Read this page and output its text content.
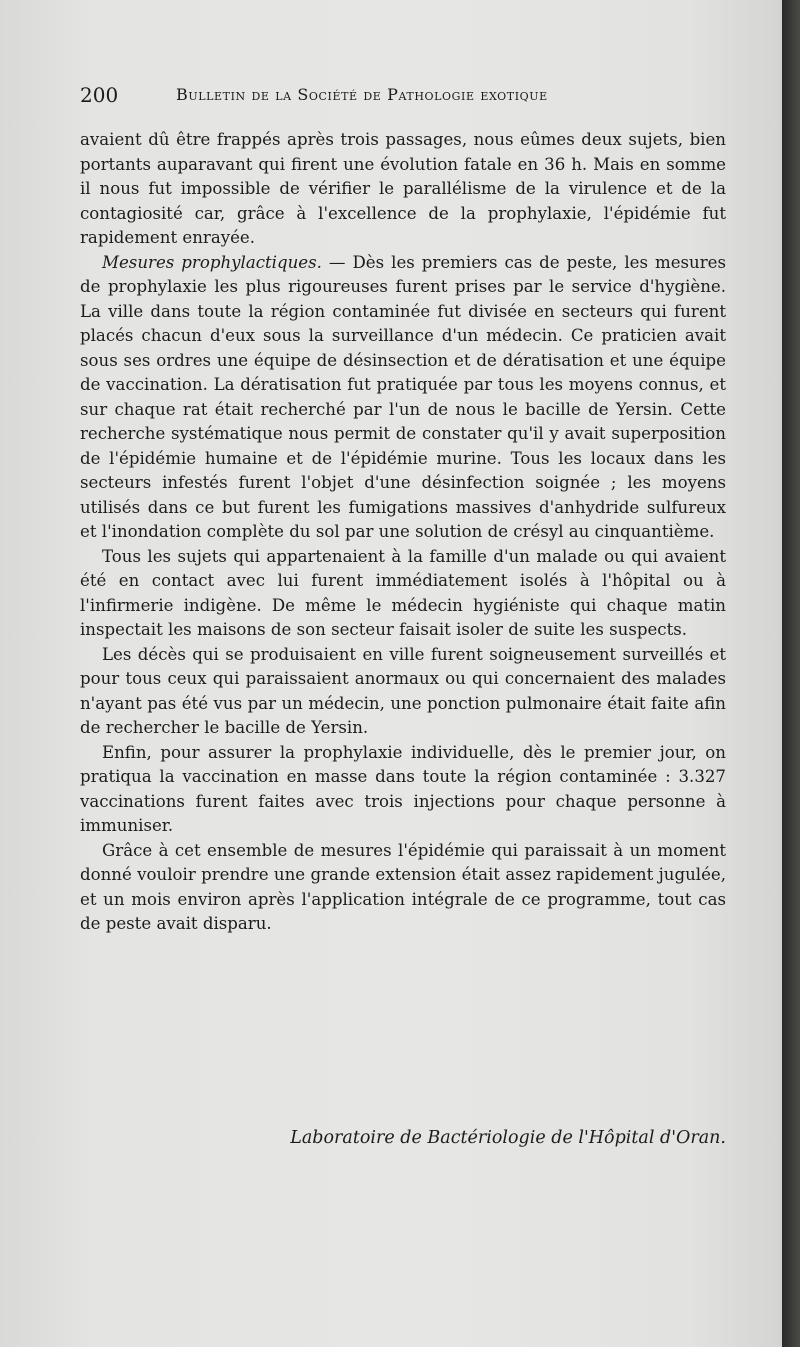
200	Bulletin de la Société de Pathologie exotique

avaient dû être frappés après trois passages, nous eûmes deux sujets, bien portants auparavant qui firent une évolution fatale en 36 h. Mais en somme il nous fut impossible de vérifier le parallélisme de la virulence et de la contagiosité car, grâce à l'excellence de la prophylaxie, l'épidémie fut rapidement enrayée.

Mesures prophylactiques. — Dès les premiers cas de peste, les mesures de prophylaxie les plus rigoureuses furent prises par le service d'hygiène. La ville dans toute la région contaminée fut divisée en secteurs qui furent placés chacun d'eux sous la surveillance d'un médecin. Ce praticien avait sous ses ordres une équipe de désinsection et de dératisation et une équipe de vaccination. La dératisation fut pratiquée par tous les moyens connus, et sur chaque rat était recherché par l'un de nous le bacille de Yersin. Cette recherche systématique nous permit de constater qu'il y avait superposition de l'épidémie humaine et de l'épidémie murine. Tous les locaux dans les secteurs infestés furent l'objet d'une désinfection soignée ; les moyens utilisés dans ce but furent les fumigations massives d'anhydride sulfureux et l'inondation complète du sol par une solution de crésyl au cinquantième.

Tous les sujets qui appartenaient à la famille d'un malade ou qui avaient été en contact avec lui furent immédiatement isolés à l'hôpital ou à l'infirmerie indigène. De même le médecin hygiéniste qui chaque matin inspectait les maisons de son secteur faisait isoler de suite les suspects.

Les décès qui se produisaient en ville furent soigneusement surveillés et pour tous ceux qui paraissaient anormaux ou qui concernaient des malades n'ayant pas été vus par un médecin, une ponction pulmonaire était faite afin de rechercher le bacille de Yersin.

Enfin, pour assurer la prophylaxie individuelle, dès le premier jour, on pratiqua la vaccination en masse dans toute la région contaminée : 3.327 vaccinations furent faites avec trois injections pour chaque personne à immuniser.

Grâce à cet ensemble de mesures l'épidémie qui paraissait à un moment donné vouloir prendre une grande extension était assez rapidement jugulée, et un mois environ après l'application intégrale de ce programme, tout cas de peste avait disparu.

Laboratoire de Bactériologie de l'Hôpital d'Oran.
